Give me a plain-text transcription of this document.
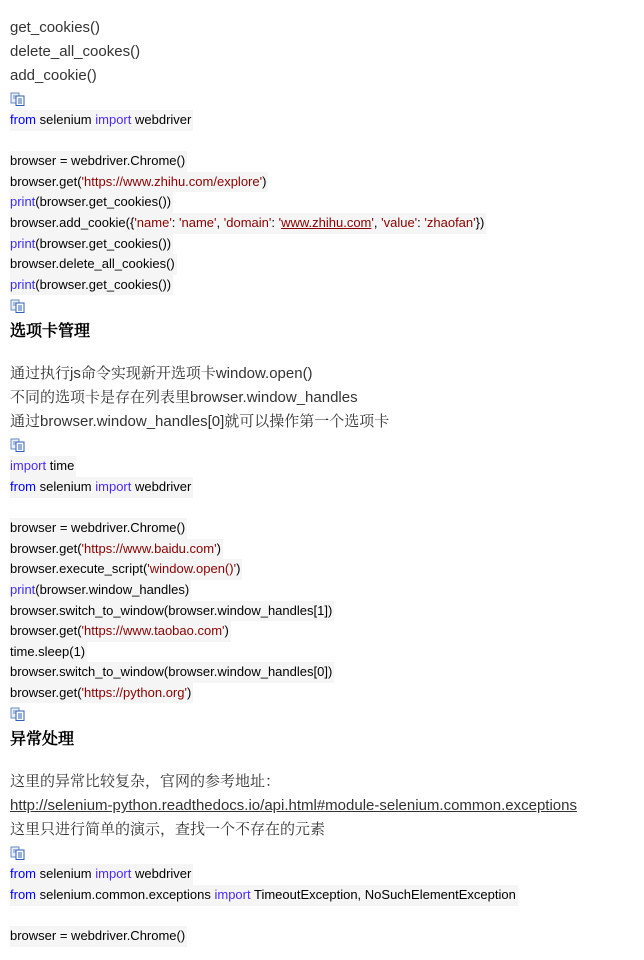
get_cookies()
delete_all_cookes()
add_cookie()
from selenium import webdriver
browser = webdriver.Chrome()
browser.get('https://www.zhihu.com/explore')
print(browser.get_cookies())
browser.add_cookie({'name': 'name', 'domain': 'www.zhihu.com', 'value': 'zhaofan'})
print(browser.get_cookies())
browser.delete_all_cookies()
print(browser.get_cookies())
选项卡管理
通过执行js命令实现新开选项卡window.open()
不同的选项卡是存在列表里browser.window_handles
通过browser.window_handles[0]就可以操作第一个选项卡
import time
from selenium import webdriver
browser = webdriver.Chrome()
browser.get('https://www.baidu.com')
browser.execute_script('window.open()')
print(browser.window_handles)
browser.switch_to_window(browser.window_handles[1])
browser.get('https://www.taobao.com')
time.sleep(1)
browser.switch_to_window(browser.window_handles[0])
browser.get('https://python.org')
异常处理
这里的异常比较复杂，官网的参考地址：
http://selenium-python.readthedocs.io/api.html#module-selenium.common.exceptions
这里只进行简单的演示，查找一个不存在的元素
from selenium import webdriver
from selenium.common.exceptions import TimeoutException, NoSuchElementException
browser = webdriver.Chrome()
